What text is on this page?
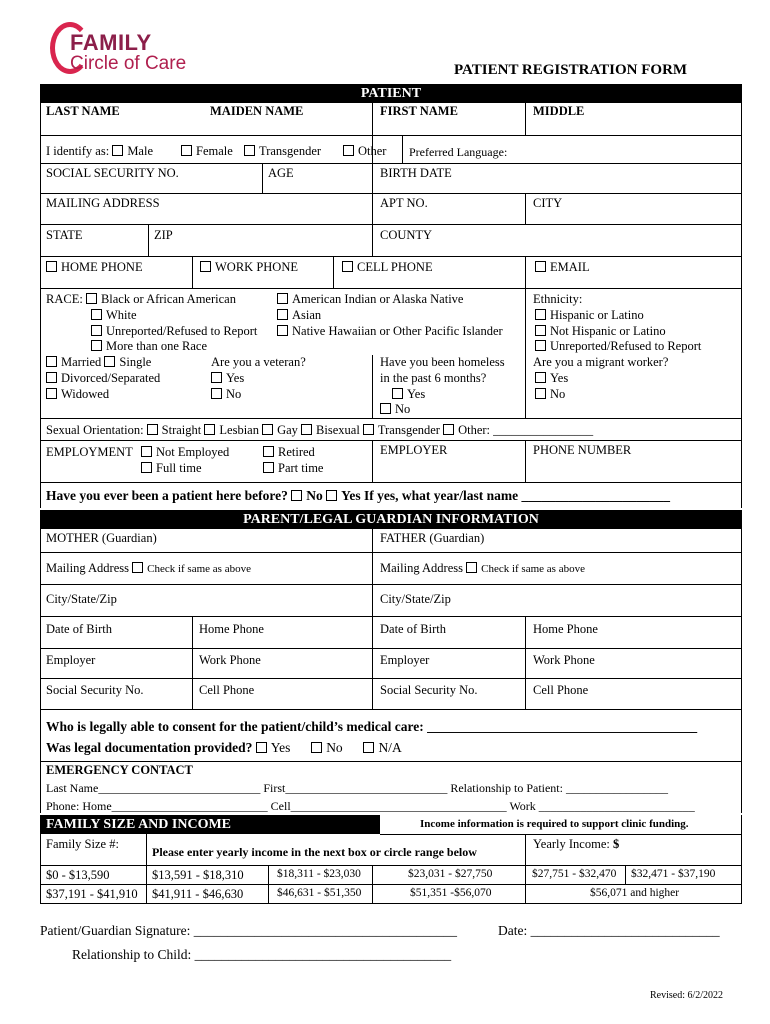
FAMILY
Circle of Care	PATIENT REGISTRATION FORM
PATIENT
LAST NAME	MAIDEN NAME	FIRST NAME	MIDDLE
I identify as: Male	Female	Transgender	Other Preferred Language:
SOCIAL SECURITY NO.	AGE	BIRTH DATE
MAILING ADDRESS	APT NO.	CITY
STATE	ZIP	COUNTY
HOME PHONE	WORK PHONE	CELL PHONE	EMAIL
RACE: Black or African American
White
Unreported/Refused to Report
More than one Race
American Indian or Alaska Native
Asian
Native Hawaiian or Other Pacific Islander
Ethnicity:
Hispanic or Latino
Not Hispanic or Latino
Unreported/Refused to Report
Married Single
Divorced/Separated
Widowed
Are you a veteran?
Yes
No
Have you been homeless
in the past 6 months?
Yes
No
Are you a migrant worker?
Yes
No
Sexual Orientation: Straight Lesbian Gay Bisexual Transgender Other: ________________
EMPLOYMENT	Not Employed
Full time
Retired
Part time
EMPLOYER	PHONE NUMBER
Have you ever been a patient here before? No Yes If yes, what year/last name ______________________
PARENT/LEGAL GUARDIAN INFORMATION
MOTHER (Guardian)	FATHER (Guardian)
Mailing Address Check if same as above	Mailing Address Check if same as above
City/State/Zip	City/State/Zip
Date of Birth	Home Phone	Date of Birth	Home Phone
Employer	Work Phone	Employer	Work Phone
Social Security No.	Cell Phone	Social Security No.	Cell Phone
Who is legally able to consent for the patient/child’s medical care: ________________________________________
Was legal documentation provided? Yes	No	N/A
EMERGENCY CONTACT
Last Name___________________________ First___________________________ Relationship to Patient: _________________
Phone: Home__________________________ Cell____________________________________ Work __________________________
FAMILY SIZE AND INCOME	Income information is required to support clinic funding.
Family Size #:
Please enter yearly income in the next box or circle range below
Yearly Income: $
$0 - $13,590	$13,591 - $18,310	$18,311 - $23,030	$23,031 - $27,750	$27,751 - $32,470 $32,471 - $37,190
$37,191 - $41,910 $41,911 - $46,630	$46,631 - $51,350	$51,351 -$56,070	$56,071 and higher
Patient/Guardian Signature: _______________________________________	Date: ____________________________
Relationship to Child: ______________________________________
Revised: 6/2/2022
